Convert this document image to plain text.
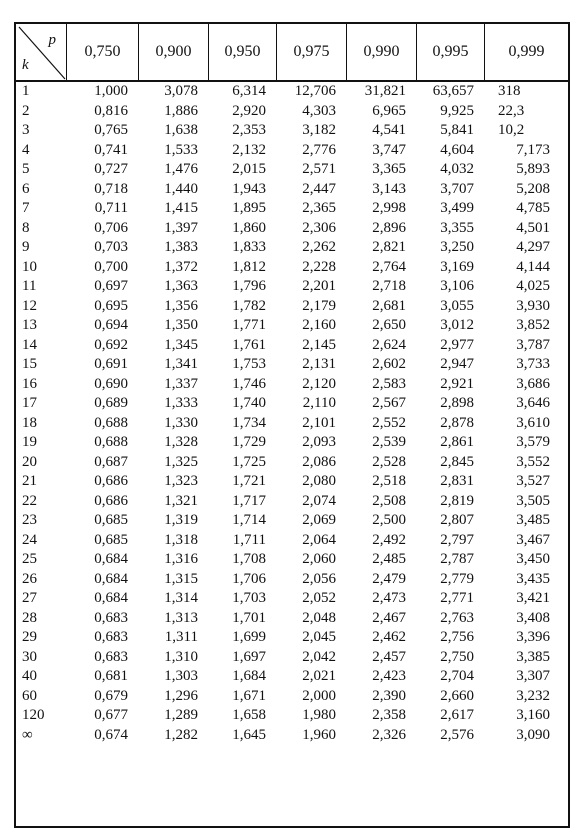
p
k
0,750	0,900	0,950	0,975	0,990	0,995	0,999
1	1,000	3,078	6,314	12,706	31,821	63,657	318
2	0,816	1,886	2,920	4,303	6,965	9,925	22,3
3	0,765	1,638	2,353	3,182	4,541	5,841	10,2
4	0,741	1,533	2,132	2,776	3,747	4,604	7,173
5	0,727	1,476	2,015	2,571	3,365	4,032	5,893
6	0,718	1,440	1,943	2,447	3,143	3,707	5,208
7	0,711	1,415	1,895	2,365	2,998	3,499	4,785
8	0,706	1,397	1,860	2,306	2,896	3,355	4,501
9	0,703	1,383	1,833	2,262	2,821	3,250	4,297
10	0,700	1,372	1,812	2,228	2,764	3,169	4,144
11	0,697	1,363	1,796	2,201	2,718	3,106	4,025
12	0,695	1,356	1,782	2,179	2,681	3,055	3,930
13	0,694	1,350	1,771	2,160	2,650	3,012	3,852
14	0,692	1,345	1,761	2,145	2,624	2,977	3,787
15	0,691	1,341	1,753	2,131	2,602	2,947	3,733
16	0,690	1,337	1,746	2,120	2,583	2,921	3,686
17	0,689	1,333	1,740	2,110	2,567	2,898	3,646
18	0,688	1,330	1,734	2,101	2,552	2,878	3,610
19	0,688	1,328	1,729	2,093	2,539	2,861	3,579
20	0,687	1,325	1,725	2,086	2,528	2,845	3,552
21	0,686	1,323	1,721	2,080	2,518	2,831	3,527
22	0,686	1,321	1,717	2,074	2,508	2,819	3,505
23	0,685	1,319	1,714	2,069	2,500	2,807	3,485
24	0,685	1,318	1,711	2,064	2,492	2,797	3,467
25	0,684	1,316	1,708	2,060	2,485	2,787	3,450
26	0,684	1,315	1,706	2,056	2,479	2,779	3,435
27	0,684	1,314	1,703	2,052	2,473	2,771	3,421
28	0,683	1,313	1,701	2,048	2,467	2,763	3,408
29	0,683	1,311	1,699	2,045	2,462	2,756	3,396
30	0,683	1,310	1,697	2,042	2,457	2,750	3,385
40	0,681	1,303	1,684	2,021	2,423	2,704	3,307
60	0,679	1,296	1,671	2,000	2,390	2,660	3,232
120	0,677	1,289	1,658	1,980	2,358	2,617	3,160
∞	0,674	1,282	1,645	1,960	2,326	2,576	3,090
